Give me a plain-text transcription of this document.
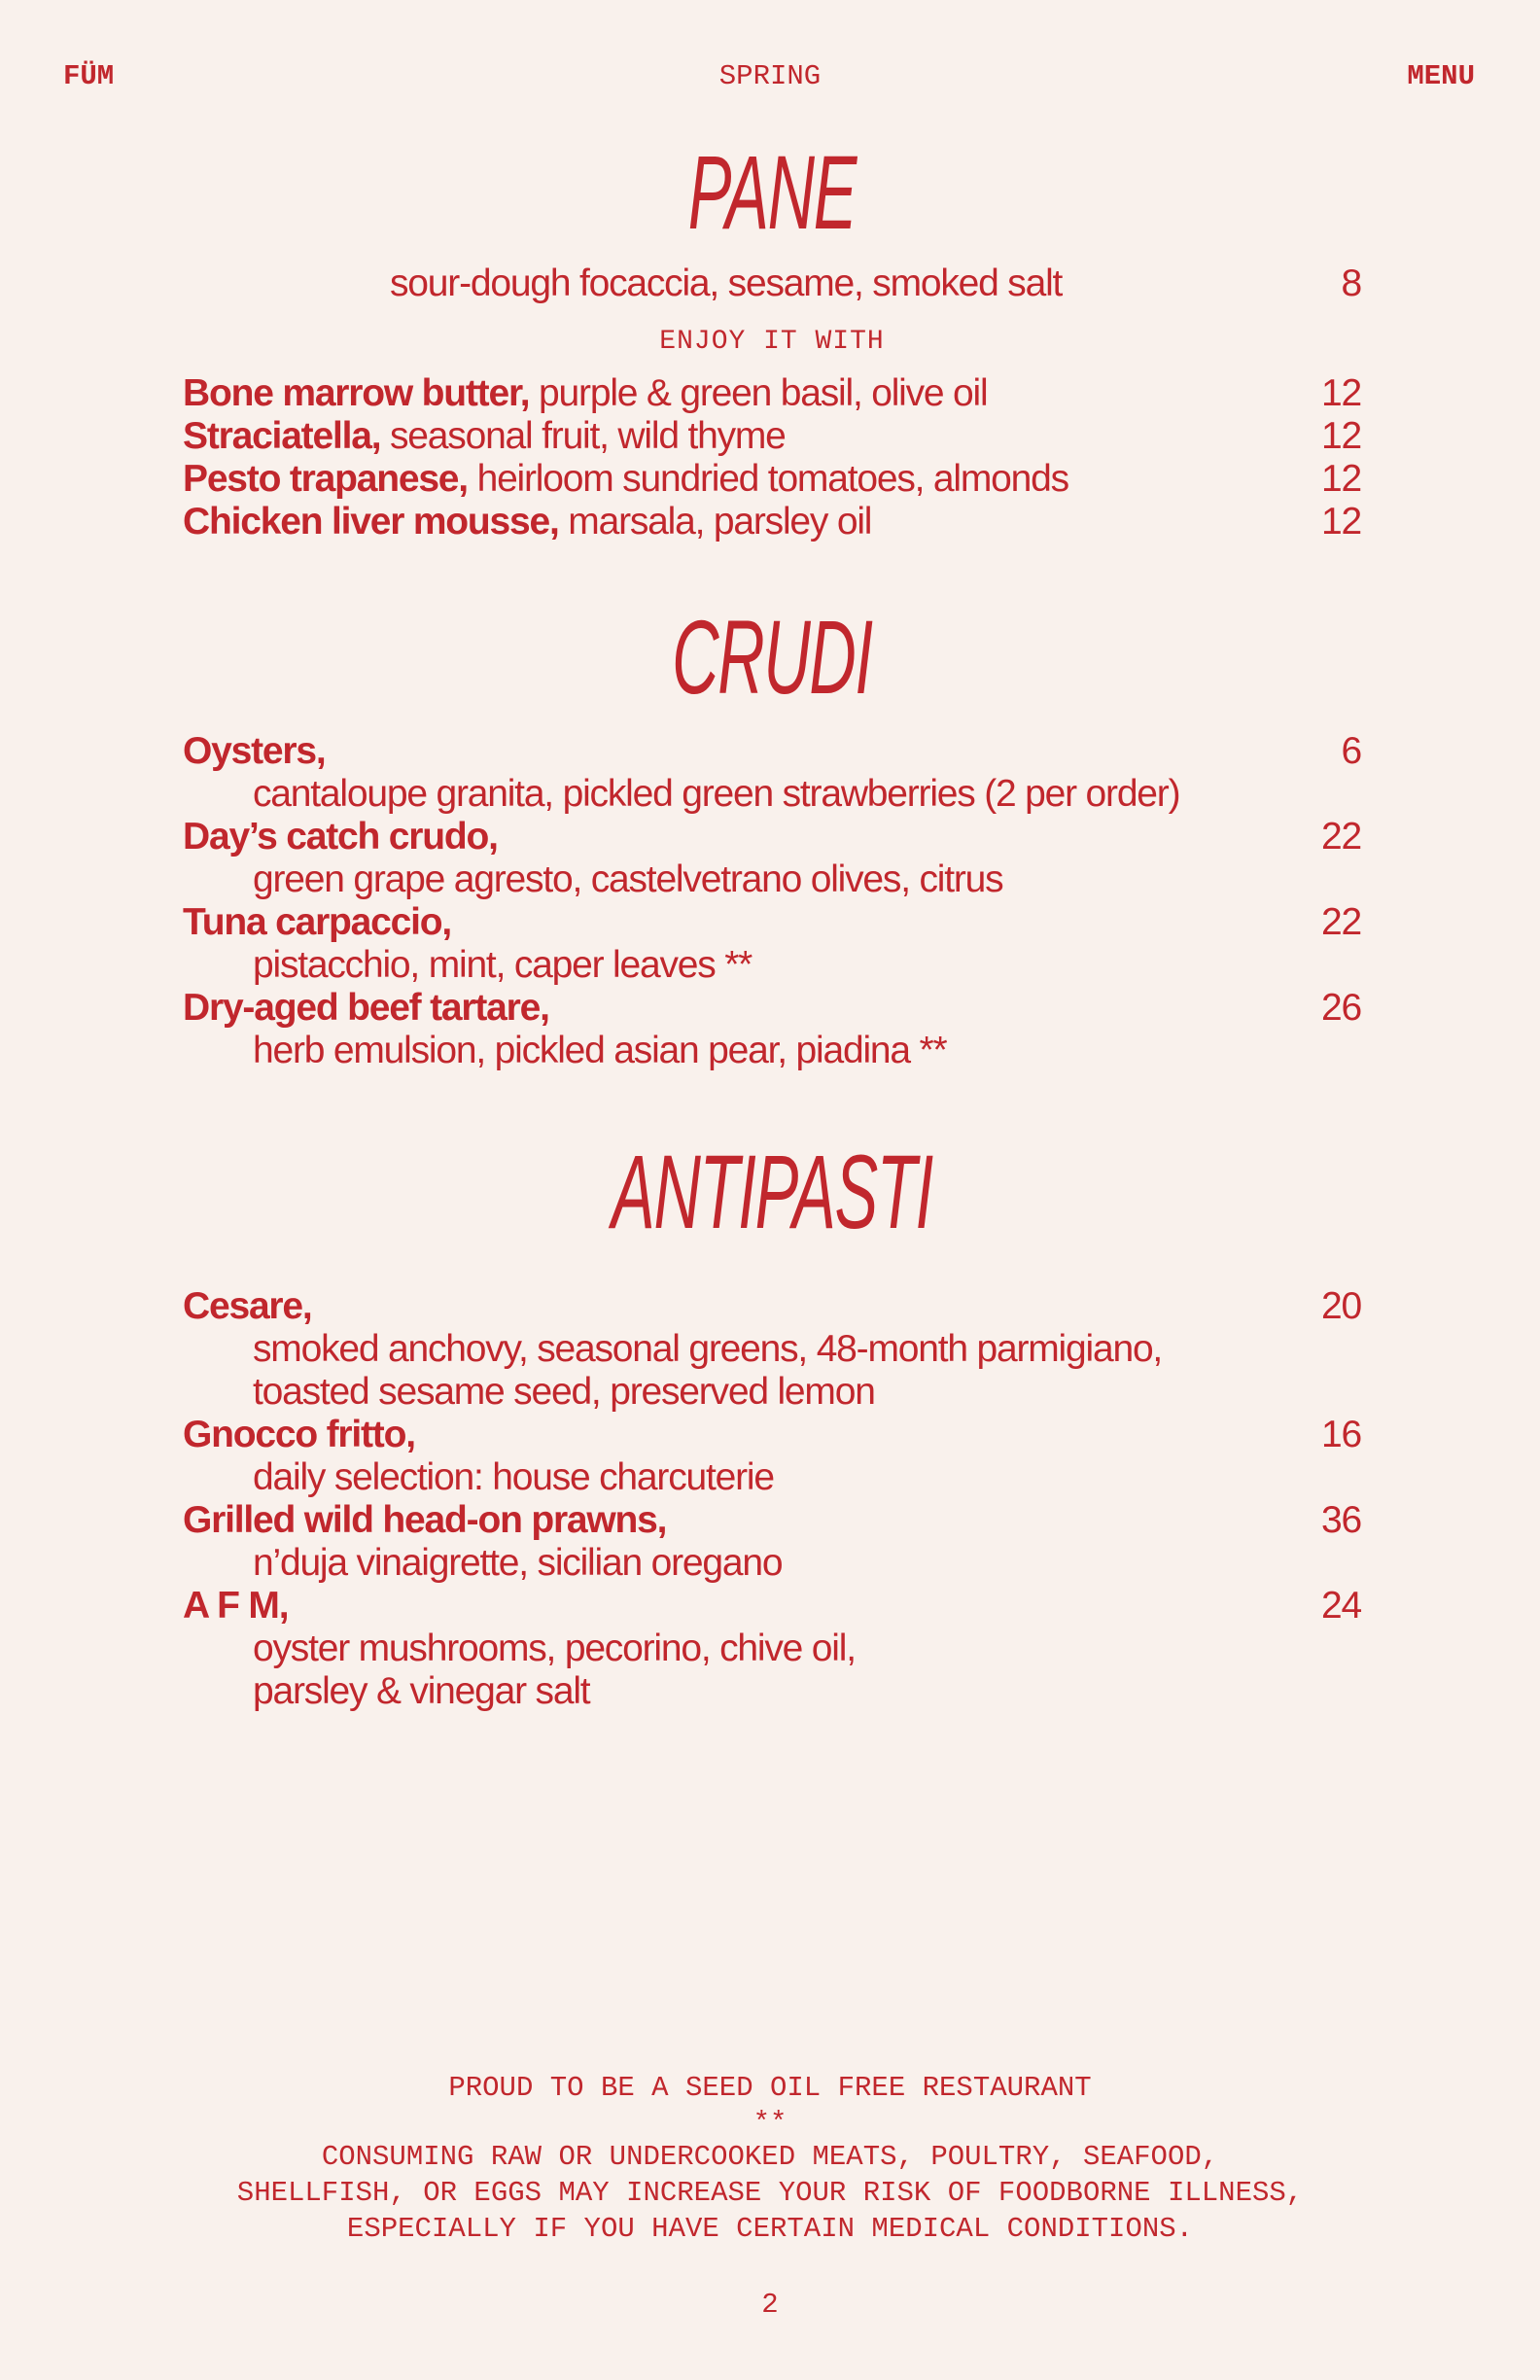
FÜM	SPRING	MENU
PANE
sour-dough focaccia, sesame, smoked salt	8
ENJOY IT WITH
Bone marrow butter, purple & green basil, olive oil	12
Straciatella, seasonal fruit, wild thyme	12
Pesto trapanese, heirloom sundried tomatoes, almonds	12
Chicken liver mousse, marsala, parsley oil	12
CRUDI
Oysters,	6
cantaloupe granita, pickled green strawberries (2 per order)
Day’s catch crudo,	22
green grape agresto, castelvetrano olives, citrus
Tuna carpaccio,	22
pistacchio, mint, caper leaves **
Dry-aged beef tartare,	26
herb emulsion, pickled asian pear, piadina **
ANTIPASTI
Cesare,	20
smoked anchovy, seasonal greens, 48-month parmigiano,
toasted sesame seed, preserved lemon
Gnocco fritto,	16
daily selection: house charcuterie
Grilled wild head-on prawns,	36
n’duja vinaigrette, sicilian oregano
A F M,	24
oyster mushrooms, pecorino, chive oil,
parsley & vinegar salt
PROUD TO BE A SEED OIL FREE RESTAURANT
**
CONSUMING RAW OR UNDERCOOKED MEATS, POULTRY, SEAFOOD,
SHELLFISH, OR EGGS MAY INCREASE YOUR RISK OF FOODBORNE ILLNESS,
ESPECIALLY IF YOU HAVE CERTAIN MEDICAL CONDITIONS.
2
